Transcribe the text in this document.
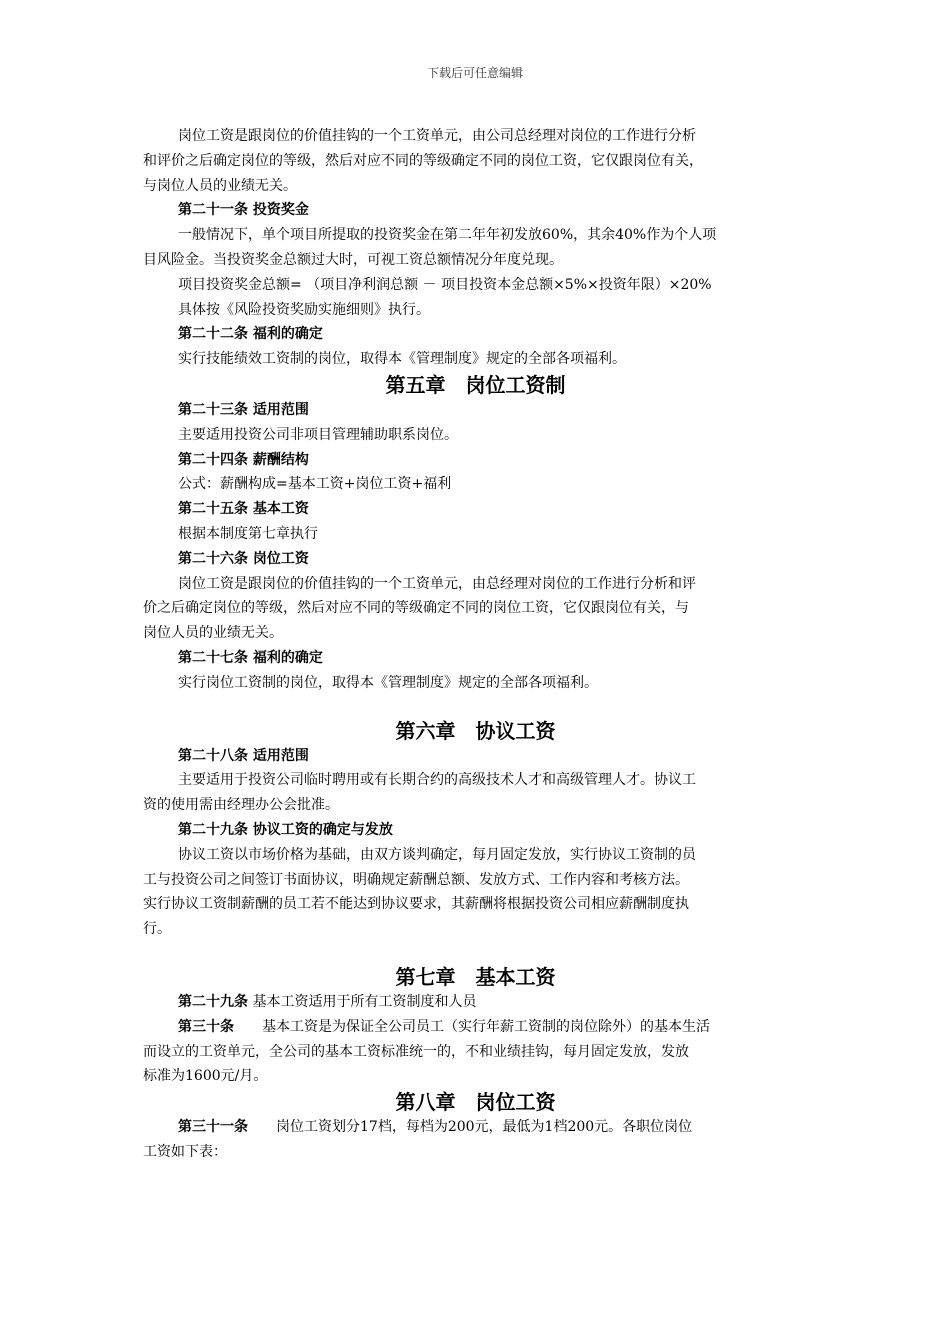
下载后可任意编辑
岗位工资是跟岗位的价值挂钩的一个工资单元，由公司总经理对岗位的工作进行分析
和评价之后确定岗位的等级，然后对应不同的等级确定不同的岗位工资，它仅跟岗位有关，
与岗位人员的业绩无关。
第二十一条 投资奖金
一般情况下，单个项目所提取的投资奖金在第二年年初发放60%，其余40%作为个人项
目风险金。当投资奖金总额过大时，可视工资总额情况分年度兑现。
项目投资奖金总额= （项目净利润总额 － 项目投资本金总额×5%×投资年限）×20%
具体按《风险投资奖励实施细则》执行。
第二十二条 福利的确定
实行技能绩效工资制的岗位，取得本《管理制度》规定的全部各项福利。
第五章　岗位工资制
第二十三条 适用范围
主要适用投资公司非项目管理辅助职系岗位。
第二十四条 薪酬结构
公式：薪酬构成=基本工资+岗位工资+福利
第二十五条 基本工资
根据本制度第七章执行
第二十六条 岗位工资
岗位工资是跟岗位的价值挂钩的一个工资单元，由总经理对岗位的工作进行分析和评
价之后确定岗位的等级，然后对应不同的等级确定不同的岗位工资，它仅跟岗位有关，与
岗位人员的业绩无关。
第二十七条 福利的确定
实行岗位工资制的岗位，取得本《管理制度》规定的全部各项福利。
第六章　协议工资
第二十八条 适用范围
主要适用于投资公司临时聘用或有长期合约的高级技术人才和高级管理人才。协议工
资的使用需由经理办公会批准。
第二十九条 协议工资的确定与发放
协议工资以市场价格为基础，由双方谈判确定，每月固定发放，实行协议工资制的员
工与投资公司之间签订书面协议，明确规定薪酬总额、发放方式、工作内容和考核方法。
实行协议工资制薪酬的员工若不能达到协议要求，其薪酬将根据投资公司相应薪酬制度执
行。
第七章　基本工资
第二十九条 基本工资适用于所有工资制度和人员
第三十条　　 基本工资是为保证全公司员工（实行年薪工资制的岗位除外）的基本生活
而设立的工资单元，全公司的基本工资标准统一的，不和业绩挂钩，每月固定发放，发放
标准为1600元/月。
第八章　岗位工资
第三十一条　　 岗位工资划分17档，每档为200元，最低为1档200元。各职位岗位
工资如下表：
